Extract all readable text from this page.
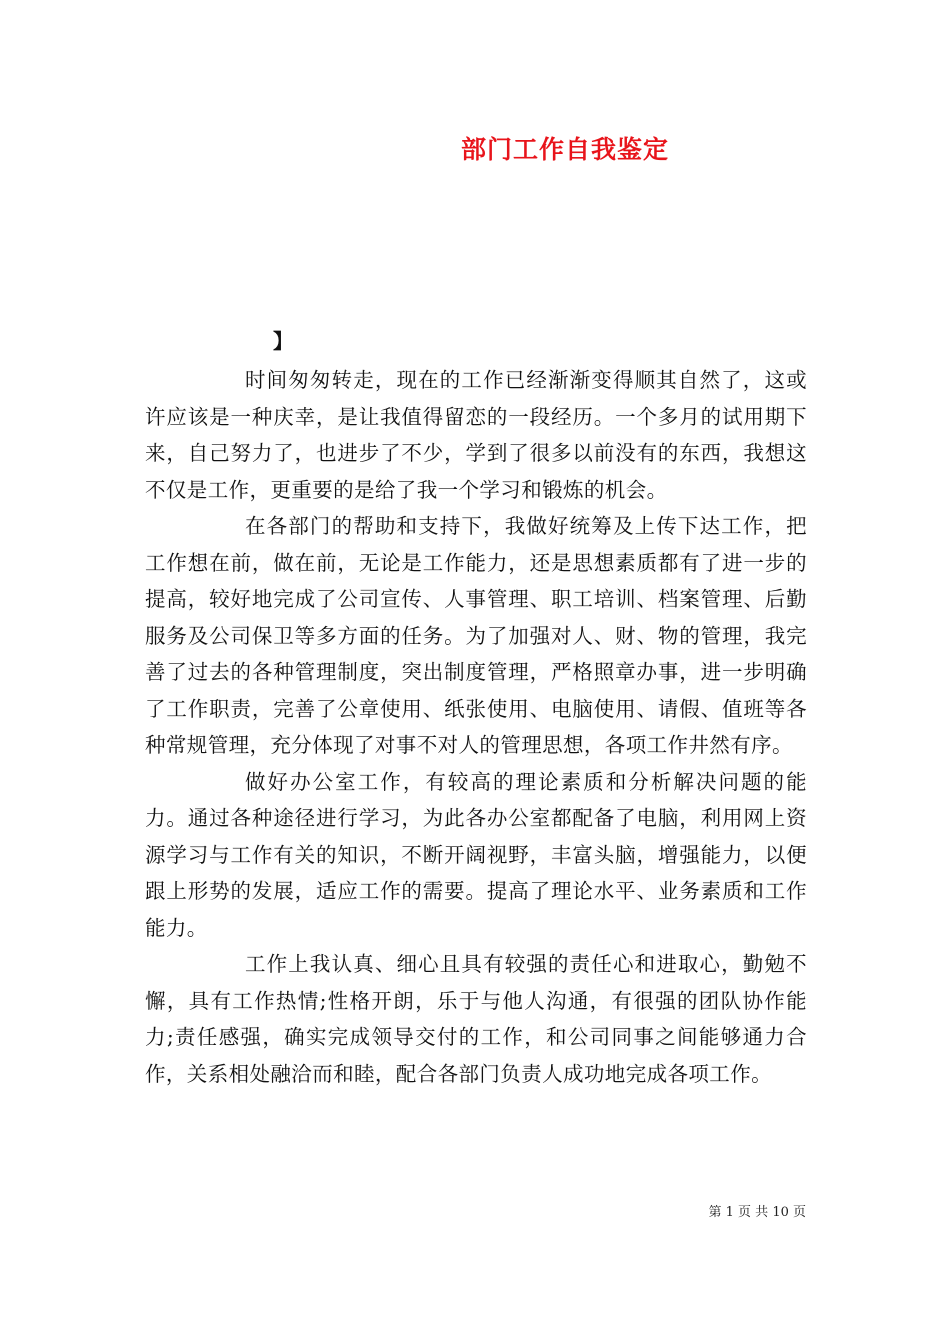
部门工作自我鉴定
】

时间匆匆转走，现在的工作已经渐渐变得顺其自然了，这或许应该是一种庆幸，是让我值得留恋的一段经历。一个多月的试用期下来，自己努力了，也进步了不少，学到了很多以前没有的东西，我想这不仅是工作，更重要的是给了我一个学习和锻炼的机会。

在各部门的帮助和支持下，我做好统筹及上传下达工作，把工作想在前，做在前，无论是工作能力，还是思想素质都有了进一步的提高，较好地完成了公司宣传、人事管理、职工培训、档案管理、后勤服务及公司保卫等多方面的任务。为了加强对人、财、物的管理，我完善了过去的各种管理制度，突出制度管理，严格照章办事，进一步明确了工作职责，完善了公章使用、纸张使用、电脑使用、请假、值班等各种常规管理，充分体现了对事不对人的管理思想，各项工作井然有序。

做好办公室工作，有较高的理论素质和分析解决问题的能力。通过各种途径进行学习，为此各办公室都配备了电脑，利用网上资源学习与工作有关的知识，不断开阔视野，丰富头脑，增强能力，以便跟上形势的发展，适应工作的需要。提高了理论水平、业务素质和工作能力。

工作上我认真、细心且具有较强的责任心和进取心，勤勉不懈，具有工作热情;性格开朗，乐于与他人沟通，有很强的团队协作能力;责任感强，确实完成领导交付的工作，和公司同事之间能够通力合作，关系相处融洽而和睦，配合各部门负责人成功地完成各项工作。

第 1 页 共 10 页
